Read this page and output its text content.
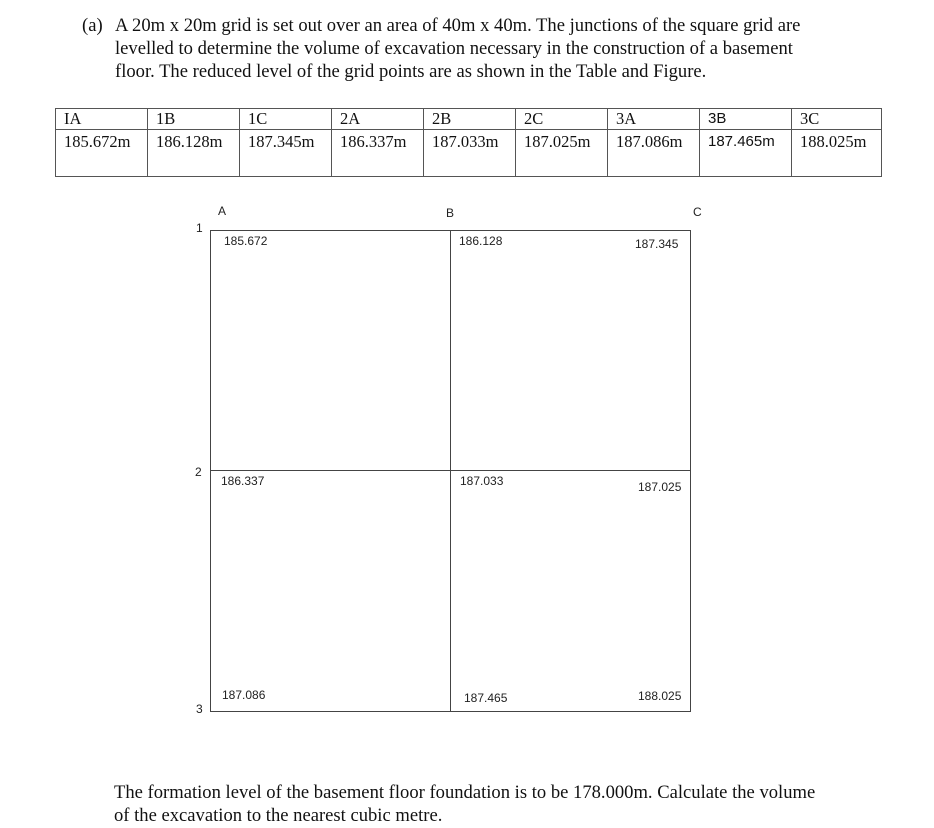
(a) A 20m x 20m grid is set out over an area of 40m x 40m. The junctions of the square grid are
levelled to determine the volume of excavation necessary in the construction of a basement
floor. The reduced level of the grid points are as shown in the Table and Figure.
IA	1B	1C	2A	2B	2C	3A	3B	3C
185.672m	186.128m	187.345m	186.337m	187.033m	187.025m	187.086m	187.465m	188.025m
A	B	C
1
2
3
185.672	186.128	187.345
186.337	187.033	187.025
187.086	187.465	188.025
The formation level of the basement floor foundation is to be 178.000m. Calculate the volume
of the excavation to the nearest cubic metre.
